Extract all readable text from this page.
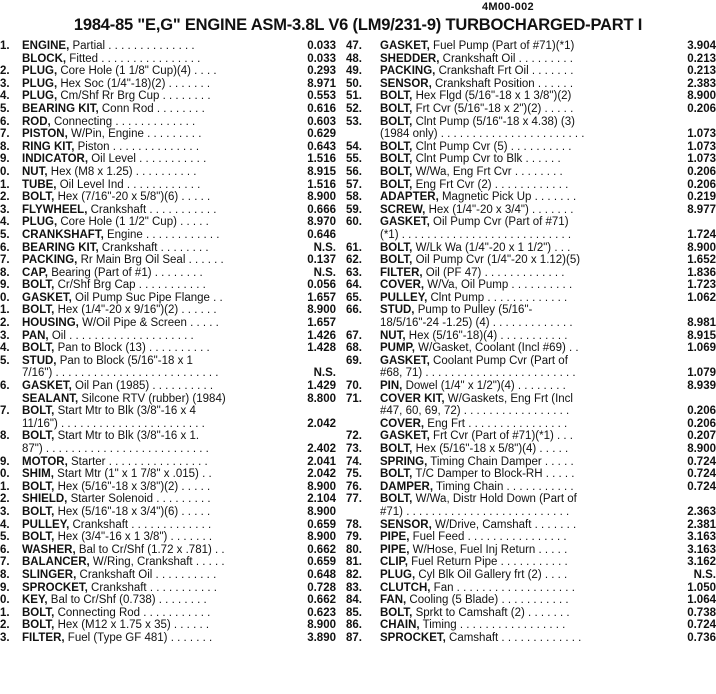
4M00-002
1984-85 "E,G" ENGINE ASM-3.8L V6 (LM9/231-9) TURBOCHARGED-PART I
1.	ENGINE, Partial . . . . . . . . . . . . . .	0.033
BLOCK, Fitted . . . . . . . . . . . . . . . .	0.033
2.	PLUG, Core Hole (1 1/8" Cup)(4) . . . .	0.293
3.	PLUG, Hex Soc (1/4"-18)(2) . . . . . . .	8.971
4.	PLUG, Cm/Shf Rr Brg Cup . . . . . . . .	0.553
5.	BEARING KIT, Conn Rod . . . . . . . .	0.616
6.	ROD, Connecting . . . . . . . . . . . . .	0.603
7.	PISTON, W/Pin, Engine . . . . . . . . .	0.629
8.	RING KIT, Piston . . . . . . . . . . . . . .	0.643
9.	INDICATOR, Oil Level . . . . . . . . . . .	1.516
0.	NUT, Hex (M8 x 1.25) . . . . . . . . . .	8.915
1.	TUBE, Oil Level Ind . . . . . . . . . . . .	1.516
2.	BOLT, Hex (7/16"-20 x 5/8")(6) . . . . .	8.900
3.	FLYWHEEL, Crankshaft . . . . . . . . . . .	0.666
4.	PLUG, Core Hole (1 1/2" Cup) . . . . .	8.970
5.	CRANKSHAFT, Engine . . . . . . . . . . . .	0.646
6.	BEARING KIT, Crankshaft . . . . . . . .	N.S.
7.	PACKING, Rr Main Brg Oil Seal . . . . . .	0.137
8.	CAP, Bearing (Part of #1) . . . . . . . .	N.S.
9.	BOLT, Cr/Shf Brg Cap . . . . . . . . . . .	0.056
0.	GASKET, Oil Pump Suc Pipe Flange . .	1.657
1.	BOLT, Hex (1/4"-20 x 9/16")(2) . . . . . .	8.900
2.	HOUSING, W/Oil Pipe & Screen . . . . .	1.657
3.	PAN, Oil . . . . . . . . . . . . . . . . . . . .	1.426
4.	BOLT, Pan to Block (13) . . . . . . . . . .	1.428
5.	STUD, Pan to Block (5/16"-18 x 1
7/16") . . . . . . . . . . . . . . . . . . . . . . . . . .	N.S.
6.	GASKET, Oil Pan (1985) . . . . . . . . . .	1.429
SEALANT, Silcone RTV (rubber) (1984)	8.800
7.	BOLT, Start Mtr to Blk (3/8"-16 x 4
11/16") . . . . . . . . . . . . . . . . . . . . . . .	2.042
8.	BOLT, Start Mtr to Blk (3/8"-16 x 1.
87") . . . . . . . . . . . . . . . . . . . . . . . . . .	2.402
9.	MOTOR, Starter . . . . . . . . . . . . . . . .	2.041
0.	SHIM, Start Mtr (1" x 1 7/8" x .015) . .	2.042
1.	BOLT, Hex (5/16"-18 x 3/8")(2) . . . . .	8.900
2.	SHIELD, Starter Solenoid . . . . . . . . .	2.104
3.	BOLT, Hex (5/16"-18 x 3/4")(6) . . . . .	8.900
4.	PULLEY, Crankshaft . . . . . . . . . . . . .	0.659
5.	BOLT, Hex (3/4"-16 x 1 3/8") . . . . . . .	8.900
6.	WASHER, Bal to Cr/Shf (1.72 x .781) . .	0.662
7.	BALANCER, W/Ring, Crankshaft . . . . .	0.659
8.	SLINGER, Crankshaft Oil . . . . . . . . . .	0.648
9.	SPROCKET, Crankshaft . . . . . . . . . . .	0.728
0.	KEY, Bal to Cr/Shf (0.738) . . . . . . . .	0.662
1.	BOLT, Connecting Rod . . . . . . . . . . .	0.623
2.	BOLT, Hex (M12 x 1.75 x 35) . . . . . .	8.900
3.	FILTER, Fuel (Type GF 481) . . . . . . .	3.890
47.	GASKET, Fuel Pump (Part of #71)(*1)	3.904
48.	SHEDDER, Crankshaft Oil . . . . . . . . .	0.213
49.	PACKING, Crankshaft Frt Oil . . . . . . .	0.213
50.	SENSOR, Crankshaft Position . . . . . .	2.383
51.	BOLT, Hex Flgd (5/16"-18 x 1 3/8")(2)	8.900
52.	BOLT, Frt Cvr (5/16"-18 x 2")(2) . . . . .	0.206
53.	BOLT, Clnt Pump (5/16"-18 x 4.38) (3)
(1984 only) . . . . . . . . . . . . . . . . . . . . . . .	1.073
54.	BOLT, Clnt Pump Cvr (5) . . . . . . . . . .	1.073
55.	BOLT, Clnt Pump Cvr to Blk . . . . . .	1.073
56.	BOLT, W/Wa, Eng Frt Cvr . . . . . . . .	0.206
57.	BOLT, Eng Frt Cvr (2) . . . . . . . . . . . .	0.206
58.	ADAPTER, Magnetic Pick Up . . . . . . .	0.219
59.	SCREW, Hex (1/4"-20 x 3/4") . . . . . . .	8.977
60.	GASKET, Oil Pump Cvr (Part of #71)
(*1) . . . . . . . . . . . . . . . . . . . . . . . . . . .	1.724
61.	BOLT, W/Lk Wa (1/4"-20 x 1 1/2") . . .	8.900
62.	BOLT, Oil Pump Cvr (1/4"-20 x 1.12)(5)	1.652
63.	FILTER, Oil (PF 47) . . . . . . . . . . . . .	1.836
64.	COVER, W/Va, Oil Pump . . . . . . . . . .	1.723
65.	PULLEY, Clnt Pump . . . . . . . . . . . . .	1.062
66.	STUD, Pump to Pulley (5/16"-
18/5/16"-24 -1.25) (4) . . . . . . . . . . . . .	8.981
67.	NUT, Hex (5/16"-18)(4) . . . . . . . . . . .	8.915
68.	PUMP, W/Gasket, Coolant (Incl #69) . .	1.069
69.	GASKET, Coolant Pump Cvr (Part of
#68, 71) . . . . . . . . . . . . . . . . . . . . . . . .	1.079
70.	PIN, Dowel (1/4" x 1/2")(4) . . . . . . . .	8.939
71.	COVER KIT, W/Gaskets, Eng Frt (Incl
#47, 60, 69, 72) . . . . . . . . . . . . . . . . .	0.206
COVER, Eng Frt . . . . . . . . . . . . . . . .	0.206
72.	GASKET, Frt Cvr (Part of #71)(*1) . . .	0.207
73.	BOLT, Hex (5/16"-18 x 5/8")(4) . . . . .	8.900
74.	SPRING, Timing Chain Damper . . . . .	0.724
75.	BOLT, T/C Damper to Block-RH . . . . .	0.724
76.	DAMPER, Timing Chain . . . . . . . . . . .	0.724
77.	BOLT, W/Wa, Distr Hold Down (Part of
#71) . . . . . . . . . . . . . . . . . . . . . . . . . .	2.363
78.	SENSOR, W/Drive, Camshaft . . . . . . .	2.381
79.	PIPE, Fuel Feed . . . . . . . . . . . . . . . .	3.163
80.	PIPE, W/Hose, Fuel Inj Return . . . . .	3.163
81.	CLIP, Fuel Return Pipe . . . . . . . . . . .	3.162
82.	PLUG, Cyl Blk Oil Gallery frt (2) . . . .	N.S.
83.	CLUTCH, Fan . . . . . . . . . . . . . . . . . . .	1.050
84.	FAN, Cooling (5 Blade) . . . . . . . . . . .	1.064
85.	BOLT, Sprkt to Camshaft (2) . . . . . . .	0.738
86.	CHAIN, Timing . . . . . . . . . . . . . . . . .	0.724
87.	SPROCKET, Camshaft . . . . . . . . . . . . .	0.736
